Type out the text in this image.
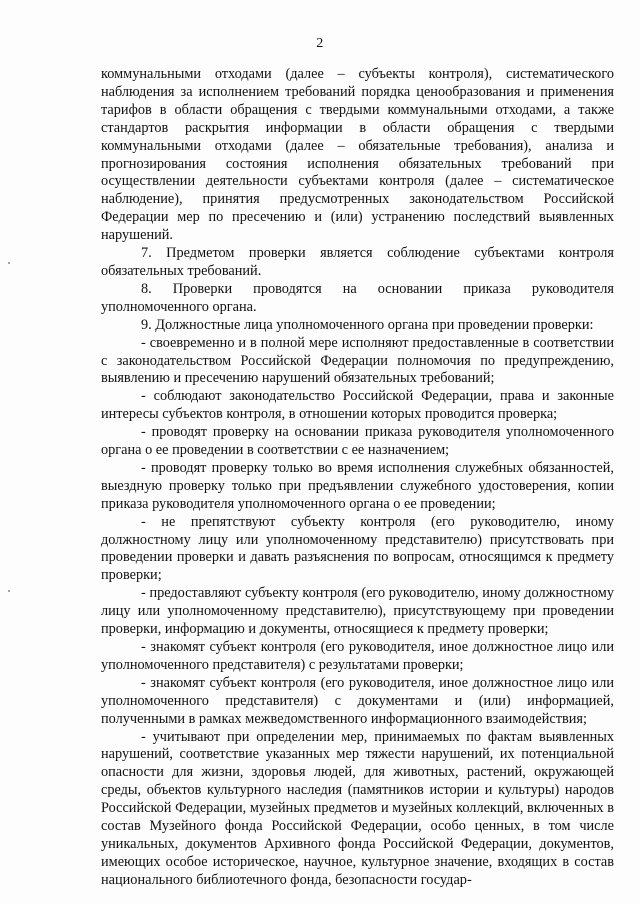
2

коммунальными отходами (далее – субъекты контроля), систематического наблюдения за исполнением требований порядка ценообразования и применения тарифов в области обращения с твердыми коммунальными отходами, а также стандартов раскрытия информации в области обращения с твердыми коммунальными отходами (далее – обязательные требования), анализа и прогнозирования состояния исполнения обязательных требований при осуществлении деятельности субъектами контроля (далее – систематическое наблюдение), принятия предусмотренных законодательством Российской Федерации мер по пресечению и (или) устранению последствий выявленных нарушений.

7. Предметом проверки является соблюдение субъектами контроля обязательных требований.

8. Проверки проводятся на основании приказа руководителя уполномоченного органа.

9. Должностные лица уполномоченного органа при проведении проверки:

- своевременно и в полной мере исполняют предоставленные в соответствии с законодательством Российской Федерации полномочия по предупреждению, выявлению и пресечению нарушений обязательных требований;

- соблюдают законодательство Российской Федерации, права и законные интересы субъектов контроля, в отношении которых проводится проверка;

- проводят проверку на основании приказа руководителя уполномоченного органа о ее проведении в соответствии с ее назначением;

- проводят проверку только во время исполнения служебных обязанностей, выездную проверку только при предъявлении служебного удостоверения, копии приказа руководителя уполномоченного органа о ее проведении;

- не препятствуют субъекту контроля (его руководителю, иному должностному лицу или уполномоченному представителю) присутствовать при проведении проверки и давать разъяснения по вопросам, относящимся к предмету проверки;

- предоставляют субъекту контроля (его руководителю, иному должностному лицу или уполномоченному представителю), присутствующему при проведении проверки, информацию и документы, относящиеся к предмету проверки;

- знакомят субъект контроля (его руководителя, иное должностное лицо или уполномоченного представителя) с результатами проверки;

- знакомят субъект контроля (его руководителя, иное должностное лицо или уполномоченного представителя) с документами и (или) информацией, полученными в рамках межведомственного информационного взаимодействия;

- учитывают при определении мер, принимаемых по фактам выявленных нарушений, соответствие указанных мер тяжести нарушений, их потенциальной опасности для жизни, здоровья людей, для животных, растений, окружающей среды, объектов культурного наследия (памятников истории и культуры) народов Российской Федерации, музейных предметов и музейных коллекций, включенных в состав Музейного фонда Российской Федерации, особо ценных, в том числе уникальных, документов Архивного фонда Российской Федерации, документов, имеющих особое историческое, научное, культурное значение, входящих в состав национального библиотечного фонда, безопасности государ-
